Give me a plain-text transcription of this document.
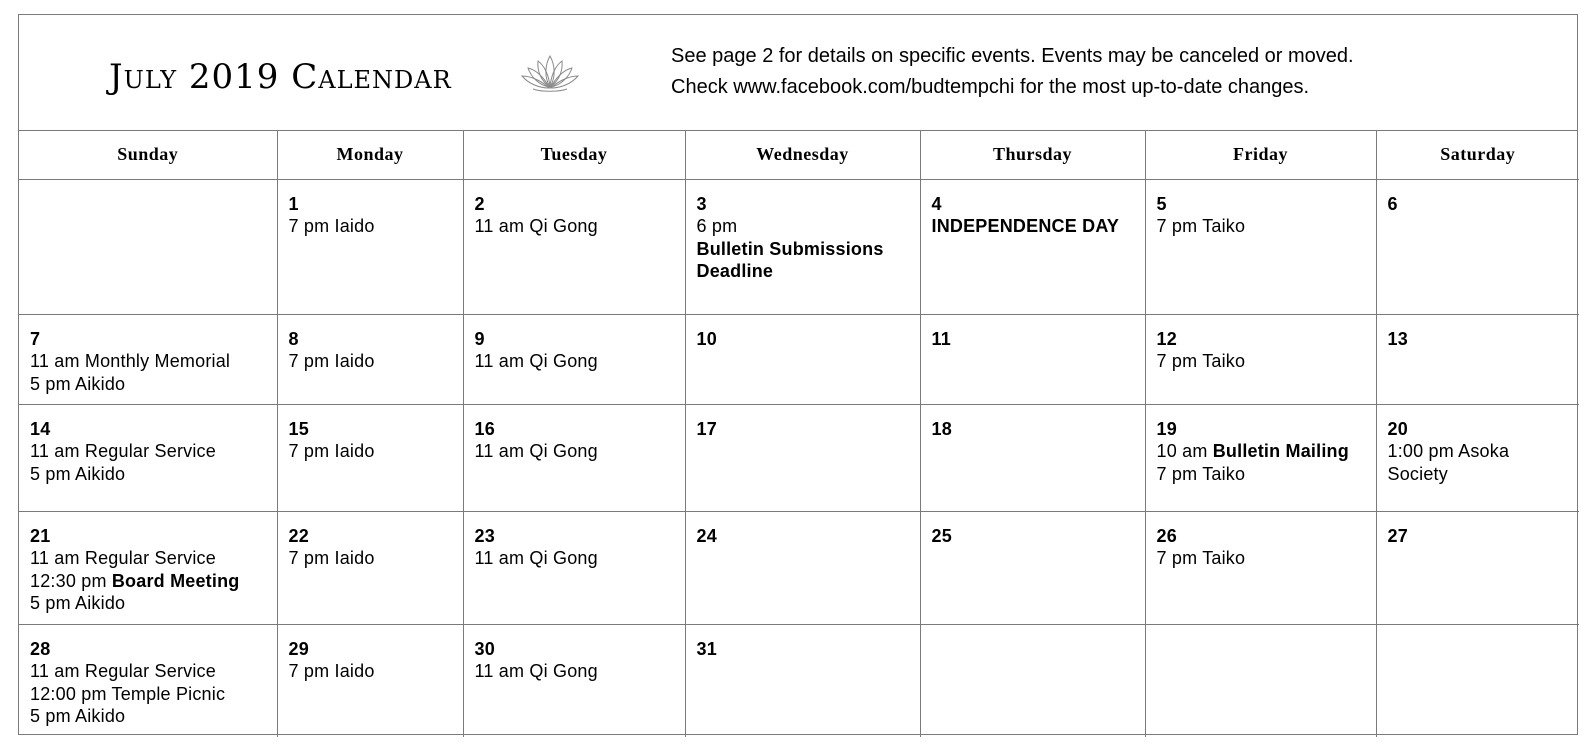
July 2019 Calendar
See page 2 for details on specific events. Events may be canceled or moved.
Check www.facebook.com/budtempchi for the most up-to-date changes.
Sunday	Monday	Tuesday	Wednesday	Thursday	Friday	Saturday

	1
7 pm Iaido	2
11 am Qi Gong	3
6 pm
Bulletin Submissions Deadline	4
INDEPENDENCE DAY	5
7 pm Taiko	6

7
11 am Monthly Memorial
5 pm Aikido	8
7 pm Iaido	9
11 am Qi Gong	10	11	12
7 pm Taiko	13

14
11 am Regular Service
5 pm Aikido	15
7 pm Iaido	16
11 am Qi Gong	17	18	19
10 am Bulletin Mailing
7 pm Taiko	20
1:00 pm Asoka Society

21
11 am Regular Service
12:30 pm Board Meeting
5 pm Aikido	22
7 pm Iaido	23
11 am Qi Gong	24	25	26
7 pm Taiko	27

28
11 am Regular Service
12:00 pm Temple Picnic
5 pm Aikido	29
7 pm Iaido	30
11 am Qi Gong	31			
